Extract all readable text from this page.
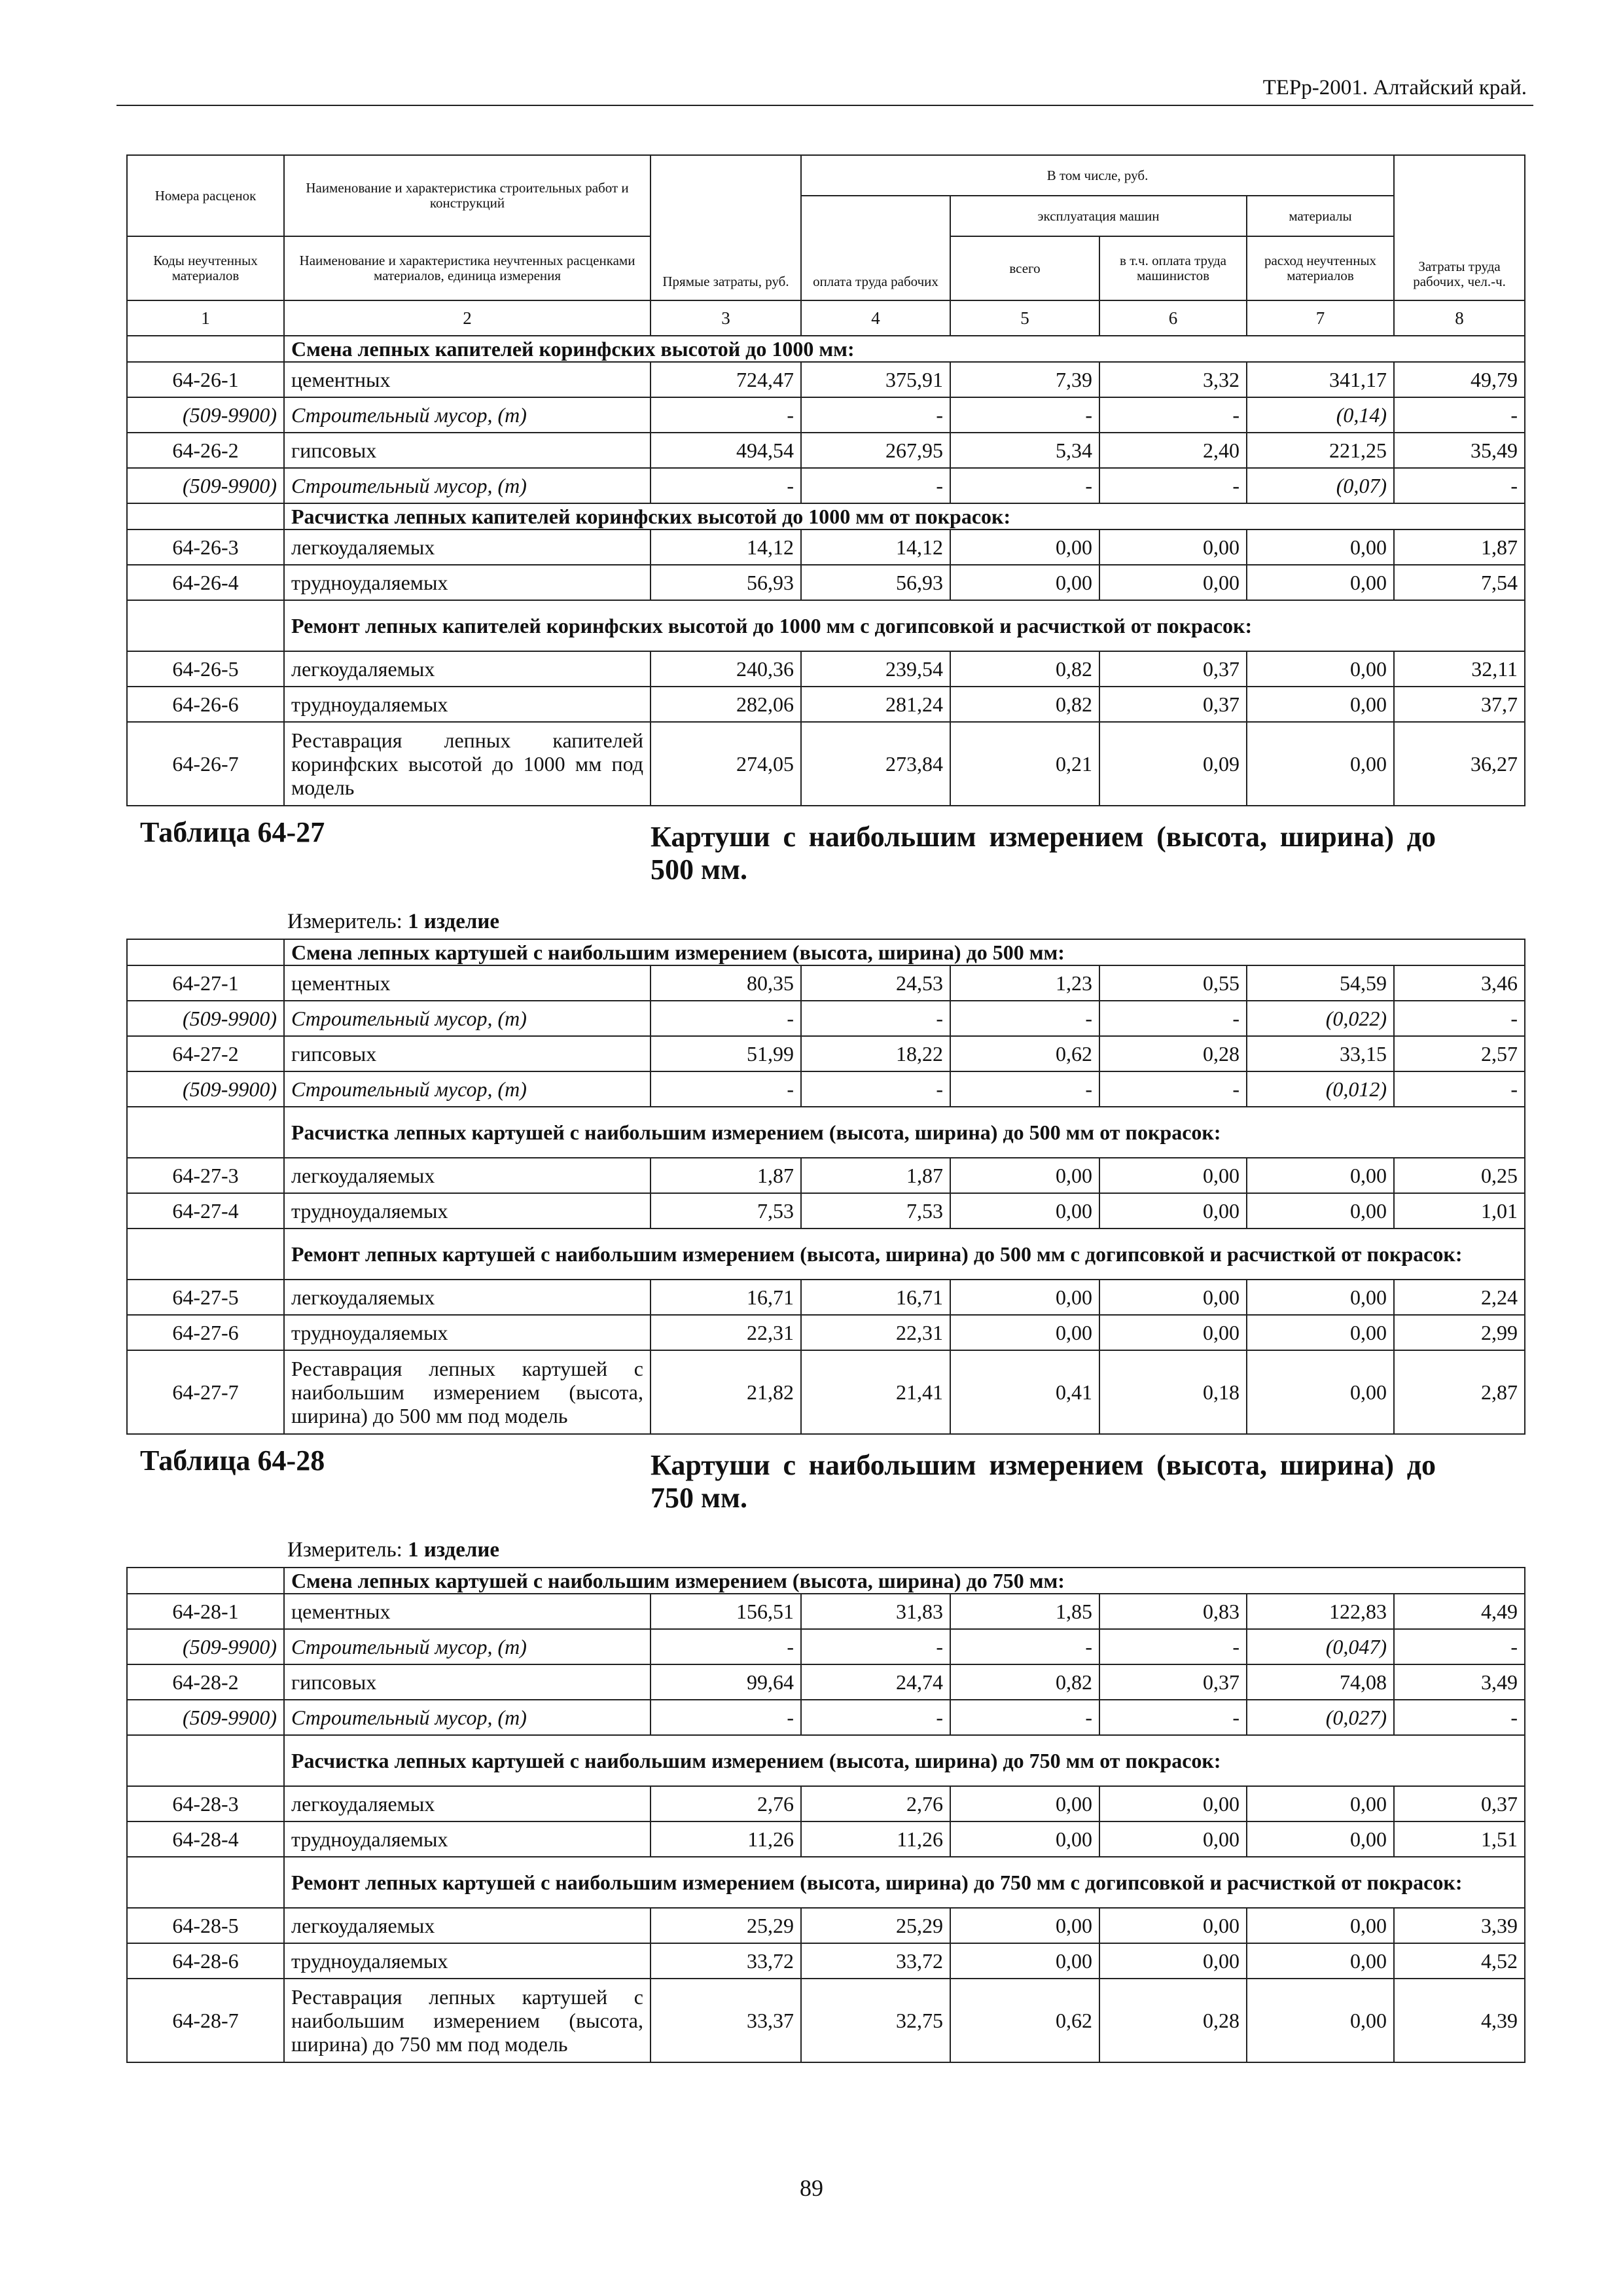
ТЕРр-2001. Алтайский край.
Номера расценок	Наименование и характеристика строительных работ и конструкций	Прямые затраты, руб.	В том числе, руб.				Затраты труда рабочих, чел.-ч.
			оплата труда рабочих	эксплуатация машин		материалы	
Коды неучтенных материалов	Наименование и характеристика неучтенных расценками материалов, единица измерения			всего	в т.ч. оплата труда машинистов	расход неучтенных материалов	
1	2	3	4	5	6	7	8
	Смена лепных капителей коринфских высотой до 1000 мм:						
64-26-1	цементных	724,47	375,91	7,39	3,32	341,17	49,79
(509-9900)	Строительный мусор, (т)	-	-	-	-	(0,14)	-
64-26-2	гипсовых	494,54	267,95	5,34	2,40	221,25	35,49
(509-9900)	Строительный мусор, (т)	-	-	-	-	(0,07)	-
	Расчистка лепных капителей коринфских высотой до 1000 мм от покрасок:						
64-26-3	легкоудаляемых	14,12	14,12	0,00	0,00	0,00	1,87
64-26-4	трудноудаляемых	56,93	56,93	0,00	0,00	0,00	7,54
	Ремонт лепных капителей коринфских высотой до 1000 мм с догипсовкой и расчисткой от покрасок:						
64-26-5	легкоудаляемых	240,36	239,54	0,82	0,37	0,00	32,11
64-26-6	трудноудаляемых	282,06	281,24	0,82	0,37	0,00	37,7
64-26-7	Реставрация лепных капителей коринфских высотой до 1000 мм под модель	274,05	273,84	0,21	0,09	0,00	36,27

Таблица 64-27 Картуши с наибольшим измерением (высота, ширина) до 500 мм.
Измеритель: 1 изделие							

	Смена лепных картушей с наибольшим измерением (высота, ширина) до 500 мм:						
64-27-1	цементных	80,35	24,53	1,23	0,55	54,59	3,46
(509-9900)	Строительный мусор, (т)	-	-	-	-	(0,022)	-
64-27-2	гипсовых	51,99	18,22	0,62	0,28	33,15	2,57
(509-9900)	Строительный мусор, (т)	-	-	-	-	(0,012)	-
	Расчистка лепных картушей с наибольшим измерением (высота, ширина) до 500 мм от покрасок:						
64-27-3	легкоудаляемых	1,87	1,87	0,00	0,00	0,00	0,25
64-27-4	трудноудаляемых	7,53	7,53	0,00	0,00	0,00	1,01
	Ремонт лепных картушей с наибольшим измерением (высота, ширина) до 500 мм с догипсовкой и расчисткой от покрасок:						
64-27-5	легкоудаляемых	16,71	16,71	0,00	0,00	0,00	2,24
64-27-6	трудноудаляемых	22,31	22,31	0,00	0,00	0,00	2,99
64-27-7	Реставрация лепных картушей с наибольшим измерением (высота, ширина) до 500 мм под модель	21,82	21,41	0,41	0,18	0,00	2,87

Таблица 64-28 Картуши с наибольшим измерением (высота, ширина) до 750 мм.
Измеритель: 1 изделие							

	Смена лепных картушей с наибольшим измерением (высота, ширина) до 750 мм:						
64-28-1	цементных	156,51	31,83	1,85	0,83	122,83	4,49
(509-9900)	Строительный мусор, (т)	-	-	-	-	(0,047)	-
64-28-2	гипсовых	99,64	24,74	0,82	0,37	74,08	3,49
(509-9900)	Строительный мусор, (т)	-	-	-	-	(0,027)	-
	Расчистка лепных картушей с наибольшим измерением (высота, ширина) до 750 мм от покрасок:						
64-28-3	легкоудаляемых	2,76	2,76	0,00	0,00	0,00	0,37
64-28-4	трудноудаляемых	11,26	11,26	0,00	0,00	0,00	1,51
	Ремонт лепных картушей с наибольшим измерением (высота, ширина) до 750 мм с догипсовкой и расчисткой от покрасок:						
64-28-5	легкоудаляемых	25,29	25,29	0,00	0,00	0,00	3,39
64-28-6	трудноудаляемых	33,72	33,72	0,00	0,00	0,00	4,52
64-28-7	Реставрация лепных картушей с наибольшим измерением (высота, ширина) до 750 мм под модель	33,37	32,75	0,62	0,28	0,00	4,39
89
